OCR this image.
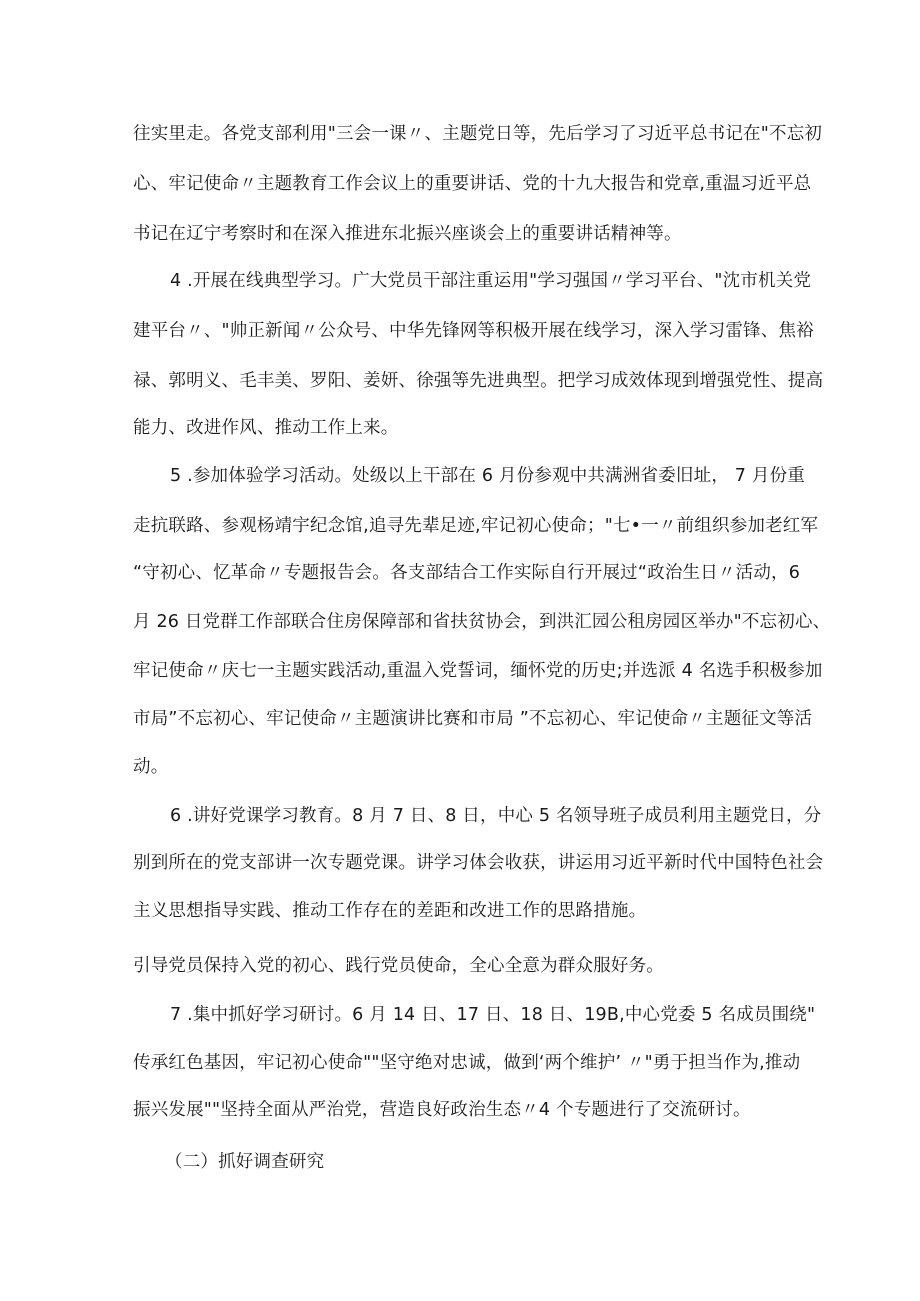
往实里走。各党支部利用"三会一课〃、主题党日等，先后学习了习近平总书记在"不忘初
心、牢记使命〃主题教育工作会议上的重要讲话、党的十九大报告和党章,重温习近平总
书记在辽宁考察时和在深入推进东北振兴座谈会上的重要讲话精神等。
4 .开展在线典型学习。广大党员干部注重运用"学习强国〃学习平台、"沈市机关党
建平台〃、"帅正新闻〃公众号、中华先锋网等积极开展在线学习，深入学习雷锋、焦裕
禄、郭明义、毛丰美、罗阳、姜妍、徐强等先进典型。把学习成效体现到增强党性、提高
能力、改进作风、推动工作上来。
5 .参加体验学习活动。处级以上干部在 6 月份参观中共满洲省委旧址， 7 月份重
走抗联路、参观杨靖宇纪念馆,追寻先辈足迹,牢记初心使命；"七•一〃前组织参加老红军
“守初心、忆革命〃专题报告会。各支部结合工作实际自行开展过“政治生日〃活动，6
月 26 日党群工作部联合住房保障部和省扶贫协会，到洪汇园公租房园区举办"不忘初心、
牢记使命〃庆七一主题实践活动,重温入党誓词，缅怀党的历史;并选派 4 名选手积极参加
市局”不忘初心、牢记使命〃主题演讲比赛和市局 ”不忘初心、牢记使命〃主题征文等活
动。
6 .讲好党课学习教育。8 月 7 日、8 日，中心 5 名领导班子成员利用主题党日，分
别到所在的党支部讲一次专题党课。讲学习体会收获，讲运用习近平新时代中国特色社会
主义思想指导实践、推动工作存在的差距和改进工作的思路措施。
引导党员保持入党的初心、践行党员使命，全心全意为群众服好务。
7 .集中抓好学习研讨。6 月 14 日、17 日、18 日、19B,中心党委 5 名成员围绕"
传承红色基因，牢记初心使命""坚守绝对忠诚，做到‘两个维护’ 〃"勇于担当作为,推动
振兴发展""坚持全面从严治党，营造良好政治生态〃4 个专题进行了交流研讨。
（二）抓好调查研究
